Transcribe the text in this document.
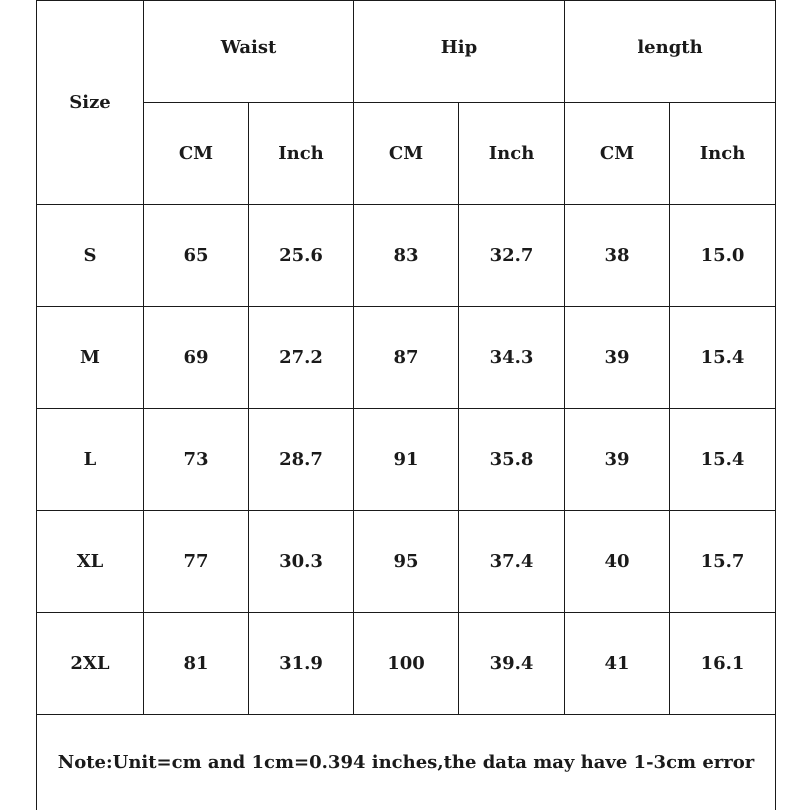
Size	Waist		Hip		length	
	CM	Inch	CM	Inch	CM	Inch
S	65	25.6	83	32.7	38	15.0
M	69	27.2	87	34.3	39	15.4
L	73	28.7	91	35.8	39	15.4
XL	77	30.3	95	37.4	40	15.7
2XL	81	31.9	100	39.4	41	16.1
Note:Unit=cm and 1cm=0.394 inches,the data may have 1-3cm error						
